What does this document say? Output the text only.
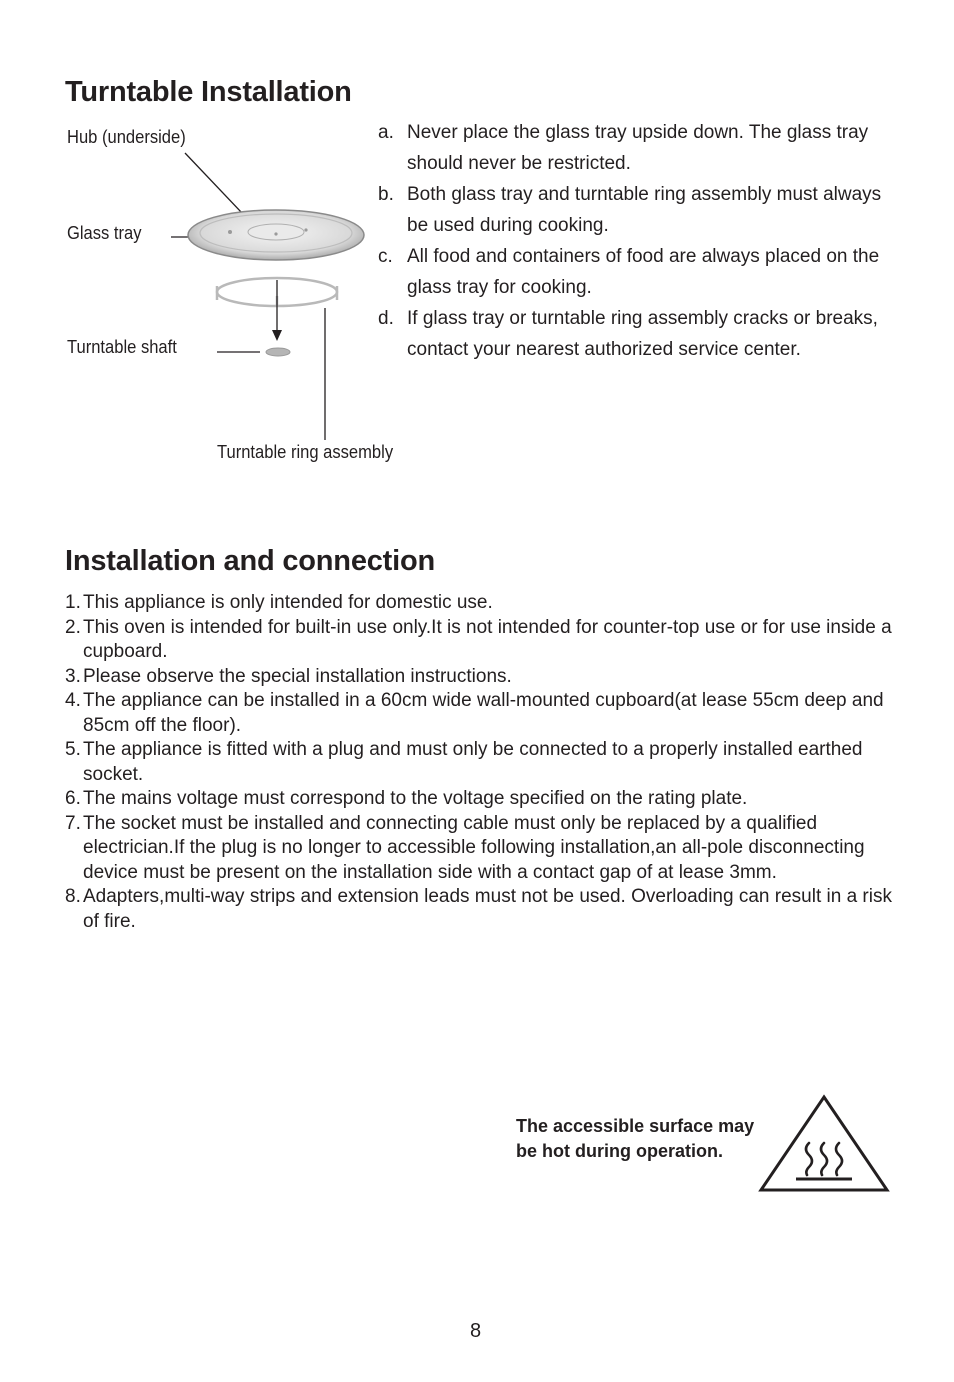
Turntable Installation
Hub (underside)
Glass tray
Turntable shaft
Turntable ring assembly
a. Never place the glass tray upside down. The glass tray should never be restricted.
b. Both glass tray and turntable ring assembly must always be used during cooking.
c. All food and containers of food are always placed on the glass tray for cooking.
d. If glass tray or turntable ring assembly cracks or breaks, contact your nearest authorized service center.
Installation and connection
1. This appliance is only intended for domestic use.
2. This oven is intended for built-in use only.It is not intended for counter-top use or for use inside a cupboard.
3. Please observe the special installation instructions.
4. The appliance can be installed in a 60cm wide wall-mounted cupboard(at lease 55cm deep and 85cm off the floor).
5. The appliance is fitted with a plug and must only be connected to a properly installed earthed socket.
6. The mains voltage must correspond to the voltage specified on the rating plate.
7. The socket must be installed and connecting cable must only be replaced by a qualified electrician.If the plug is no longer to accessible following installation,an all-pole disconnecting device must be present on the installation side with a contact gap of at lease 3mm.
8. Adapters,multi-way strips and extension leads must not be used. Overloading can result in a risk of fire.
The accessible surface may be hot during operation.
8
